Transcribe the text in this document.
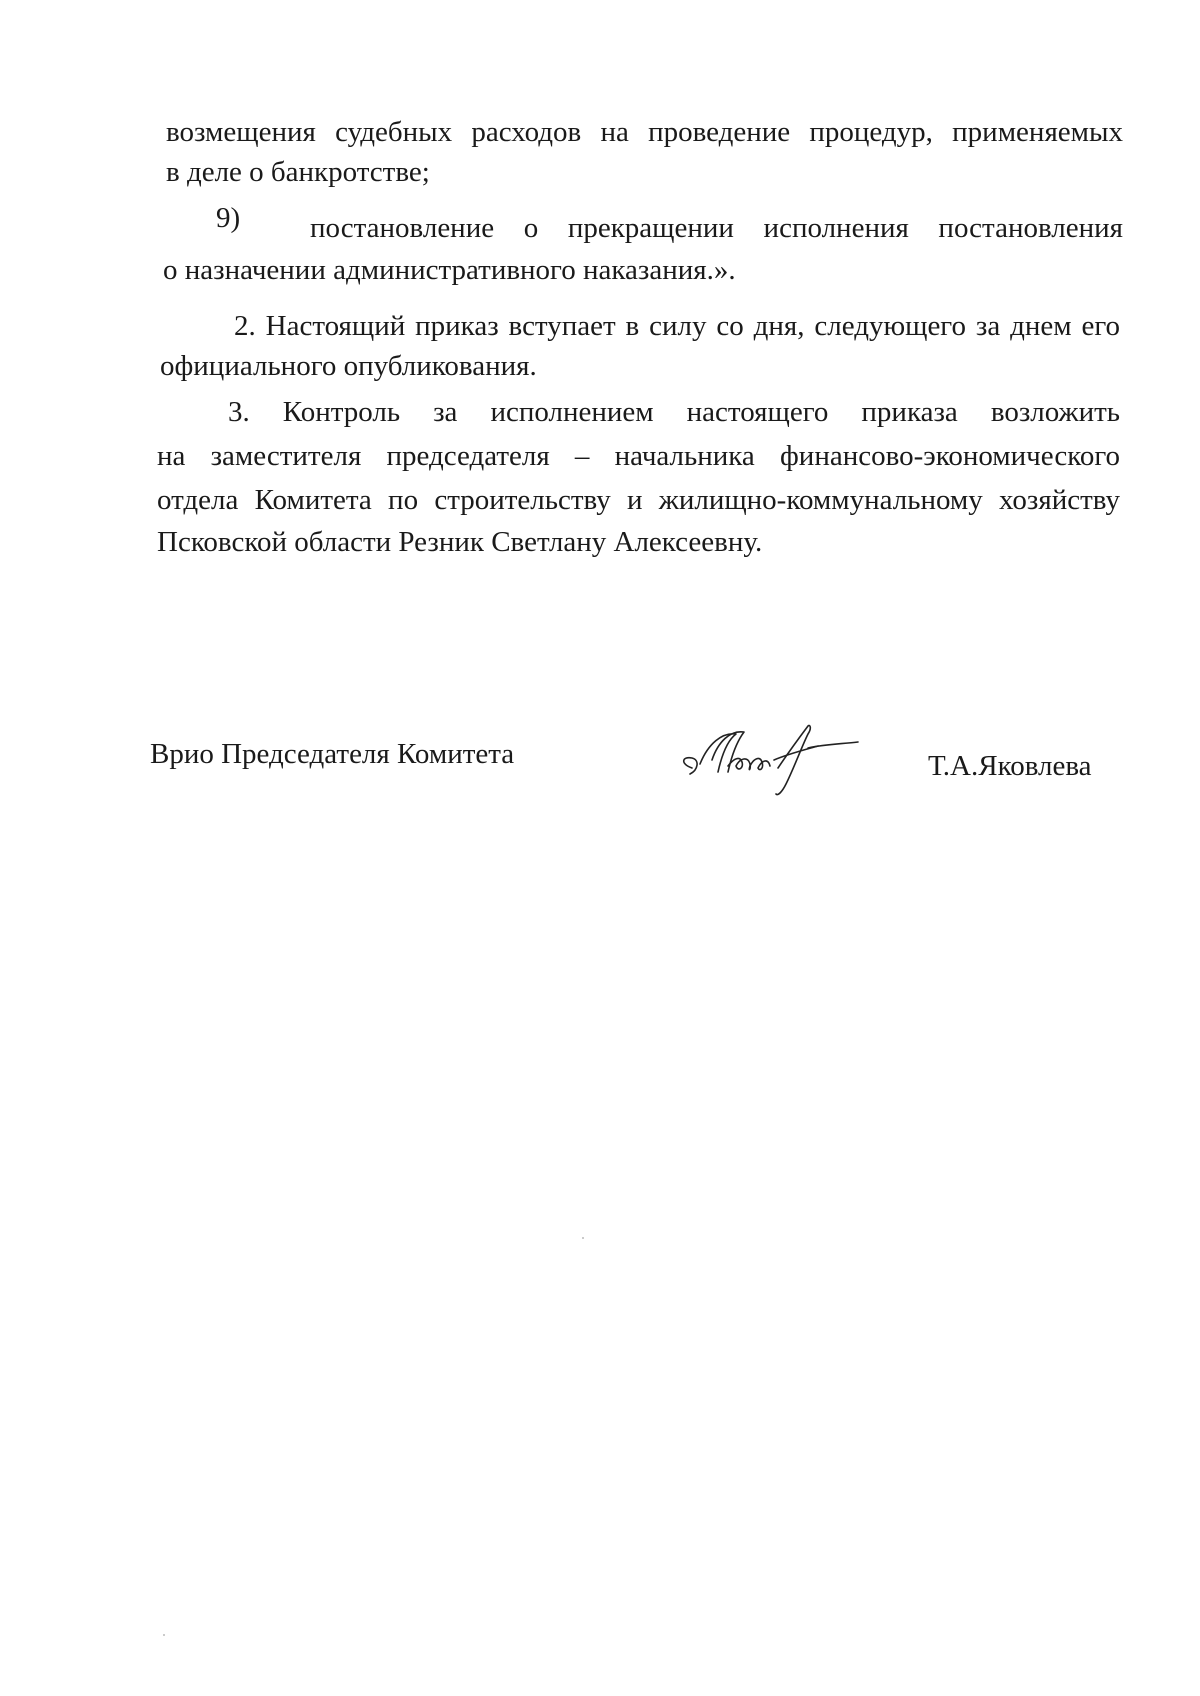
возмещения судебных расходов на проведение процедур, применяемых
в деле о банкротстве;
9) постановление о прекращении исполнения постановления
о назначении административного наказания.».
2. Настоящий приказ вступает в силу со дня, следующего за днем его
официального опубликования.
3. Контроль за исполнением настоящего приказа возложить
на заместителя председателя – начальника финансово-экономического
отдела Комитета по строительству и жилищно-коммунальному хозяйству
Псковской области Резник Светлану Алексеевну.
Врио Председателя Комитета	Т.А.Яковлева
